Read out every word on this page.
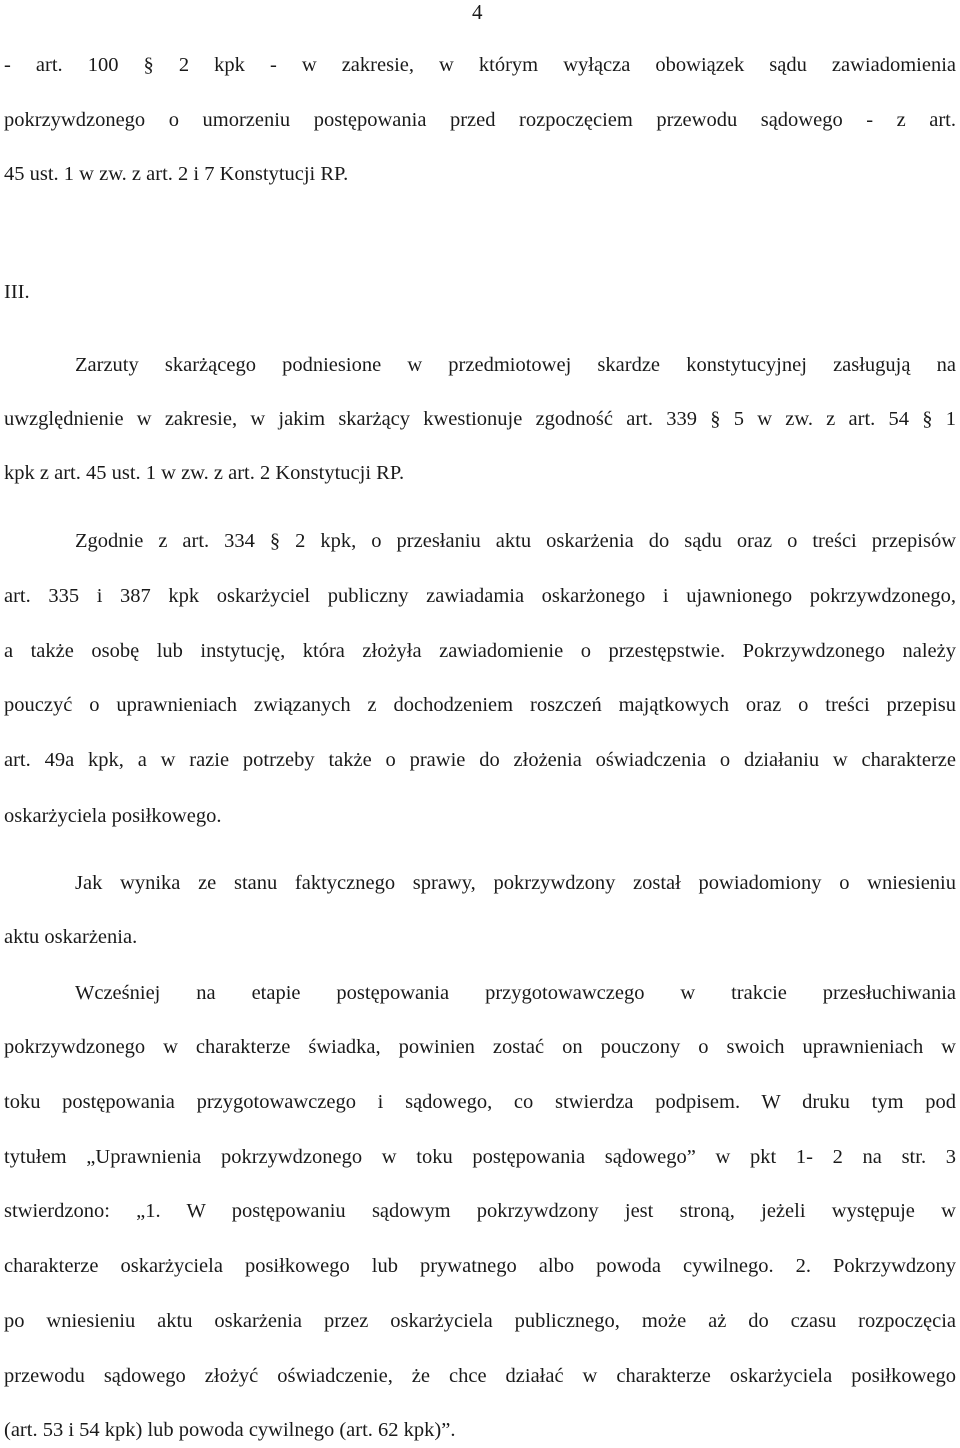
4
- art. 100 § 2 kpk - w zakresie, w którym wyłącza obowiązek sądu zawiadomienia
pokrzywdzonego o umorzeniu postępowania przed rozpoczęciem przewodu sądowego - z art.
45 ust. 1 w zw. z art. 2 i 7 Konstytucji RP.
III.
Zarzuty skarżącego podniesione w przedmiotowej skardze konstytucyjnej zasługują na
uwzględnienie w zakresie, w jakim skarżący kwestionuje zgodność art. 339 § 5 w zw. z art. 54 § 1
kpk z art. 45 ust. 1 w zw. z art. 2 Konstytucji RP.
Zgodnie z art. 334 § 2 kpk, o przesłaniu aktu oskarżenia do sądu oraz o treści przepisów
art. 335 i 387 kpk oskarżyciel publiczny zawiadamia oskarżonego i ujawnionego pokrzywdzonego,
a także osobę lub instytucję, która złożyła zawiadomienie o przestępstwie. Pokrzywdzonego należy
pouczyć o uprawnieniach związanych z dochodzeniem roszczeń majątkowych oraz o treści przepisu
art. 49a kpk, a w razie potrzeby także o prawie do złożenia oświadczenia o działaniu w charakterze
oskarżyciela posiłkowego.
Jak wynika ze stanu faktycznego sprawy, pokrzywdzony został powiadomiony o wniesieniu
aktu oskarżenia.
Wcześniej na etapie postępowania przygotowawczego w trakcie przesłuchiwania
pokrzywdzonego w charakterze świadka, powinien zostać on pouczony o swoich uprawnieniach w
toku postępowania przygotowawczego i sądowego, co stwierdza podpisem. W druku tym pod
tytułem „Uprawnienia pokrzywdzonego w toku postępowania sądowego” w pkt 1- 2 na str. 3
stwierdzono: „1. W postępowaniu sądowym pokrzywdzony jest stroną, jeżeli występuje w
charakterze oskarżyciela posiłkowego lub prywatnego albo powoda cywilnego. 2. Pokrzywdzony
po wniesieniu aktu oskarżenia przez oskarżyciela publicznego, może aż do czasu rozpoczęcia
przewodu sądowego złożyć oświadczenie, że chce działać w charakterze oskarżyciela posiłkowego
(art. 53 i 54 kpk) lub powoda cywilnego (art. 62 kpk)”.
